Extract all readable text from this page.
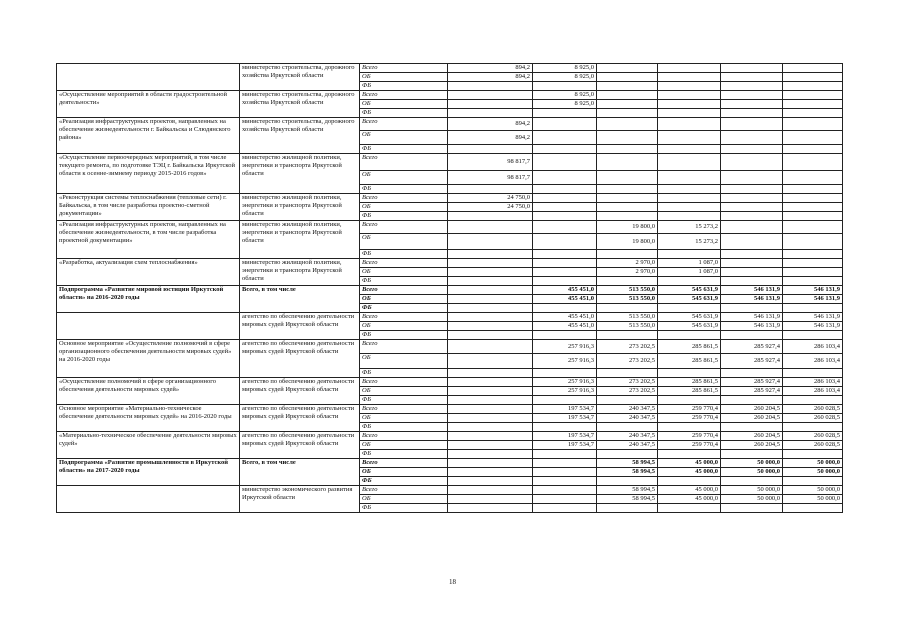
	министерство строительства, дорожного хозяйства Иркутской области	Всего	894,2	8 925,0				
		ОБ	894,2	8 925,0				
		ФБ						
«Осуществление мероприятий в области градостроительной деятельности»	министерство строительства, дорожного хозяйства Иркутской области	Всего		8 925,0				
		ОБ		8 925,0				
		ФБ						
«Реализация инфраструктурных проектов, направленных на обеспечение жизнедеятельности г. Байкальска и Слюдянского района»	министерство строительства, дорожного хозяйства Иркутской области	Всего	894,2					
		ОБ	894,2					
		ФБ						
«Осуществление первоочередных мероприятий, в том числе текущего ремонта, по подготовке ТЭЦ г. Байкальска Иркутской области к осенне-зимнему периоду 2015-2016 годов»	министерство жилищной политики, энергетики и транспорта Иркутской области	Всего	98 817,7					
		ОБ	98 817,7					
		ФБ						
«Реконструкция системы теплоснабжения (тепловые сети) г. Байкальска, в том числе разработка проектно-сметной документации»	министерство жилищной политики, энергетики и транспорта Иркутской области	Всего	24 750,0					
		ОБ	24 750,0					
		ФБ						
«Реализация инфраструктурных проектов, направленных на обеспечение жизнедеятельности, в том числе разработка проектной документации»	министерство жилищной политики, энергетики и транспорта Иркутской области	Всего			19 800,0	15 273,2		
		ОБ			19 800,0	15 273,2		
		ФБ						
«Разработка, актуализация схем теплоснабжения»	министерство жилищной политики, энергетики и транспорта Иркутской области	Всего			2 970,0	1 087,0		
		ОБ			2 970,0	1 087,0		
		ФБ						
Подпрограмма «Развитие мировой юстиции Иркутской области» на 2016-2020 годы	Всего, в том числе	Всего		455 451,0	513 550,0	545 631,9	546 131,9	546 131,9
		ОБ		455 451,0	513 550,0	545 631,9	546 131,9	546 131,9
		ФБ						
	агентство по обеспечению деятельности мировых судей Иркутской области	Всего		455 451,0	513 550,0	545 631,9	546 131,9	546 131,9
		ОБ		455 451,0	513 550,0	545 631,9	546 131,9	546 131,9
		ФБ						
Основное мероприятие «Осуществление полномочий в сфере организационного обеспечения деятельности мировых судей» на 2016-2020 годы	агентство по обеспечению деятельности мировых судей Иркутской области	Всего		257 916,3	273 202,5	285 861,5	285 927,4	286 103,4
		ОБ		257 916,3	273 202,5	285 861,5	285 927,4	286 103,4
		ФБ						
«Осуществление полномочий в сфере организационного обеспечения деятельности мировых судей»	агентство по обеспечению деятельности мировых судей Иркутской области	Всего		257 916,3	273 202,5	285 861,5	285 927,4	286 103,4
		ОБ		257 916,3	273 202,5	285 861,5	285 927,4	286 103,4
		ФБ						
Основное мероприятие «Материально-техническое обеспечение деятельности мировых судей» на 2016-2020 годы	агентство по обеспечению деятельности мировых судей Иркутской области	Всего		197 534,7	240 347,5	259 770,4	260 204,5	260 028,5
		ОБ		197 534,7	240 347,5	259 770,4	260 204,5	260 028,5
		ФБ						
«Материально-техническое обеспечение деятельности мировых судей»	агентство по обеспечению деятельности мировых судей Иркутской области	Всего		197 534,7	240 347,5	259 770,4	260 204,5	260 028,5
		ОБ		197 534,7	240 347,5	259 770,4	260 204,5	260 028,5
		ФБ						
Подпрограмма «Развитие промышленности в Иркутской области» на 2017-2020 годы	Всего, в том числе	Всего			58 994,5	45 000,0	50 000,0	50 000,0
		ОБ			58 994,5	45 000,0	50 000,0	50 000,0
		ФБ						
	министерство экономического развития Иркутской области	Всего			58 994,5	45 000,0	50 000,0	50 000,0
		ОБ			58 994,5	45 000,0	50 000,0	50 000,0
		ФБ						
18
